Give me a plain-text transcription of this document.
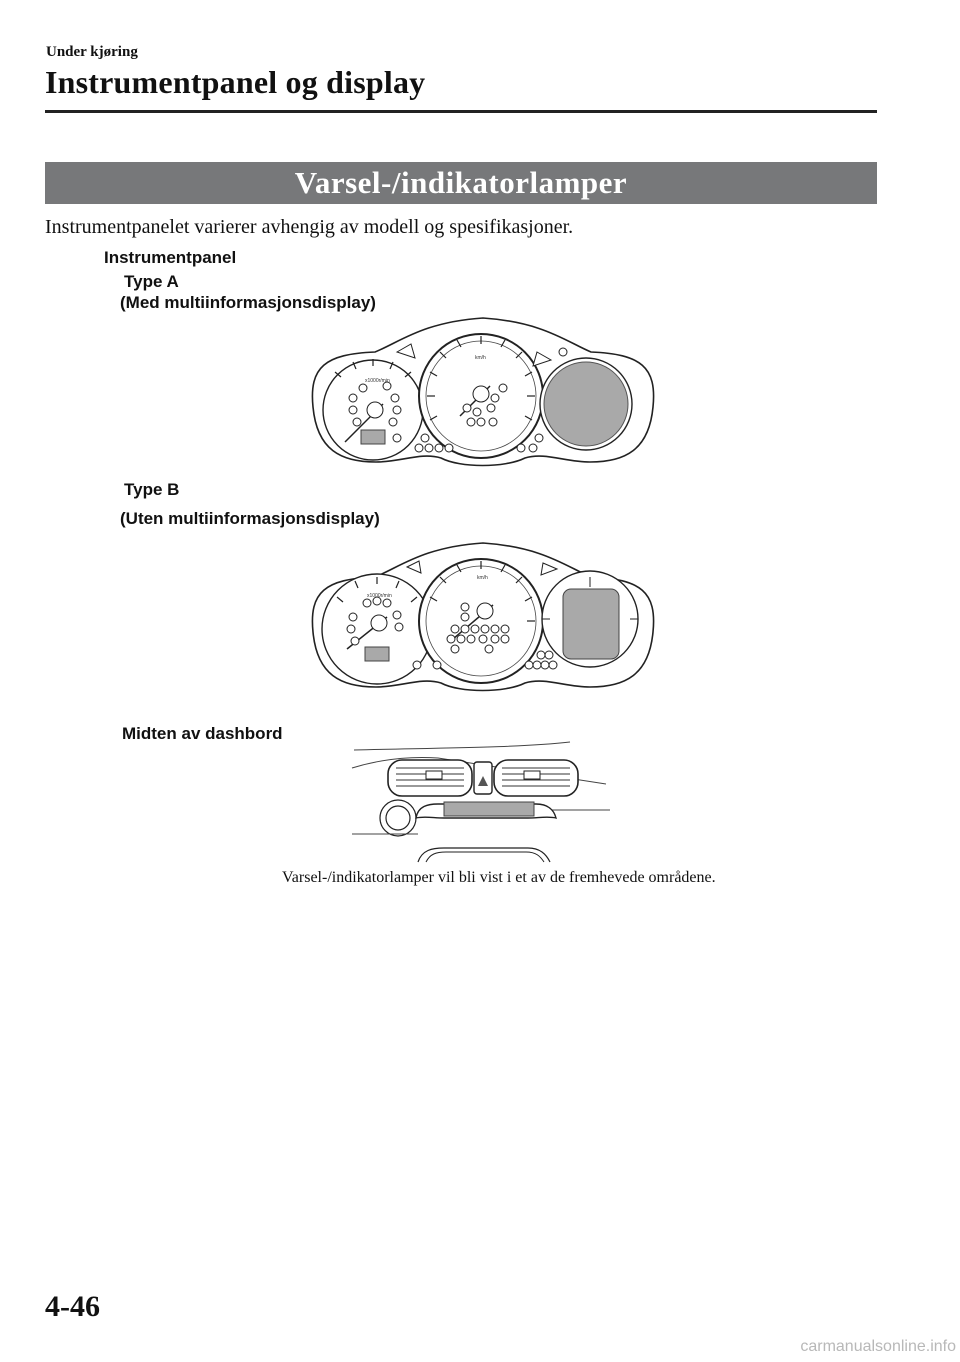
Under kjøring
Instrumentpanel og display
Varsel-/indikatorlamper
Instrumentpanelet varierer avhengig av modell og spesifikasjoner.
Instrumentpanel
Type A
(Med multiinformasjonsdisplay)
x1000r/min
km/h
Type B
(Uten multiinformasjonsdisplay)
x1000r/min
km/h
Midten av dashbord
Varsel-/indikatorlamper vil bli vist i et av de fremhevede områdene.
4-46
carmanualsonline.info
